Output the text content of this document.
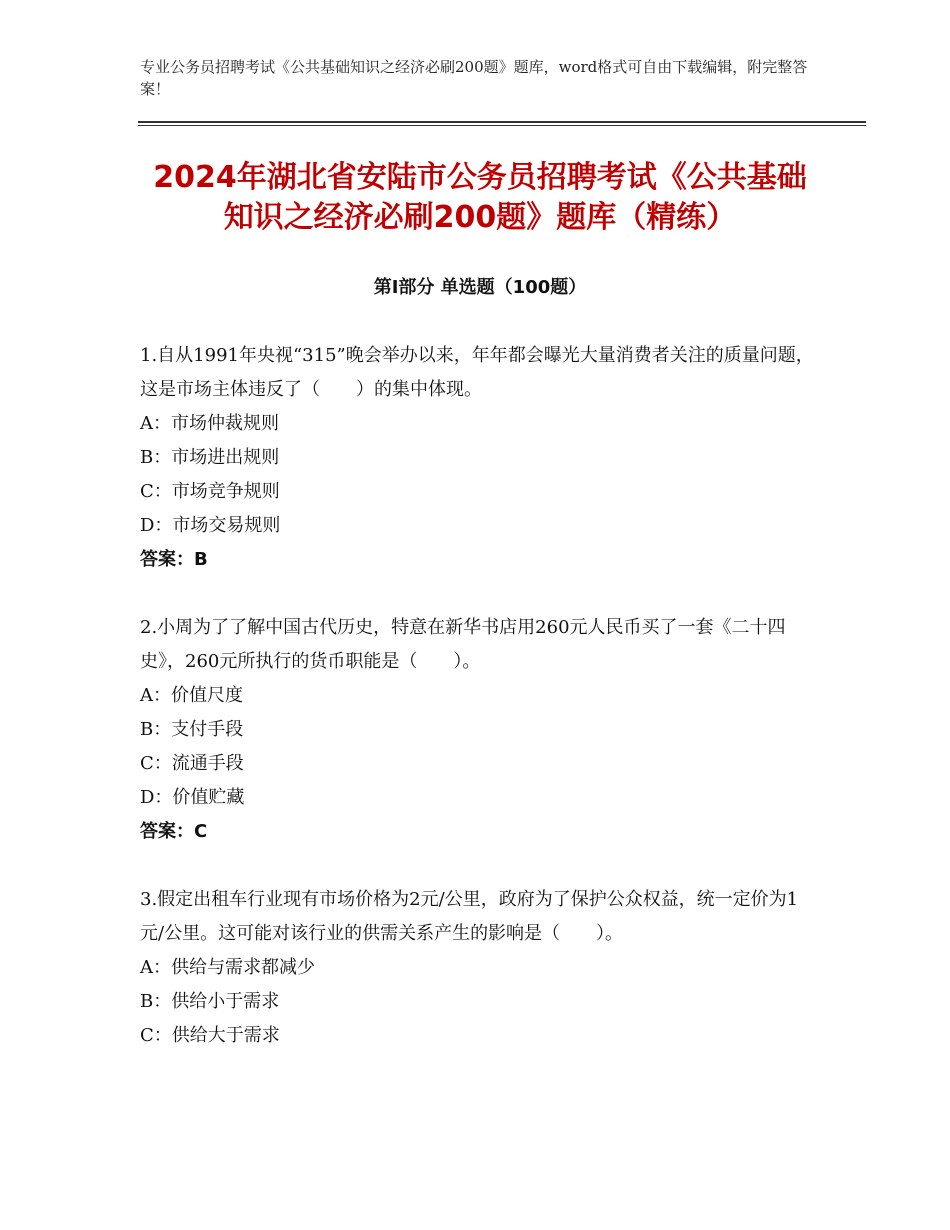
专业公务员招聘考试《公共基础知识之经济必刷200题》题库，word格式可自由下载编辑，附完整答案！
2024年湖北省安陆市公务员招聘考试《公共基础知识之经济必刷200题》题库（精练）
第I部分 单选题（100题）

1.自从1991年央视“315”晚会举办以来，年年都会曝光大量消费者关注的质量问题，这是市场主体违反了（　　）的集中体现。

A：市场仲裁规则

B：市场进出规则

C：市场竞争规则

D：市场交易规则

答案：B

2.小周为了了解中国古代历史，特意在新华书店用260元人民币买了一套《二十四史》，260元所执行的货币职能是（　　）。

A：价值尺度

B：支付手段

C：流通手段

D：价值贮藏

答案：C

3.假定出租车行业现有市场价格为2元/公里，政府为了保护公众权益，统一定价为1元/公里。这可能对该行业的供需关系产生的影响是（　　）。

A：供给与需求都减少

B：供给小于需求

C：供给大于需求
